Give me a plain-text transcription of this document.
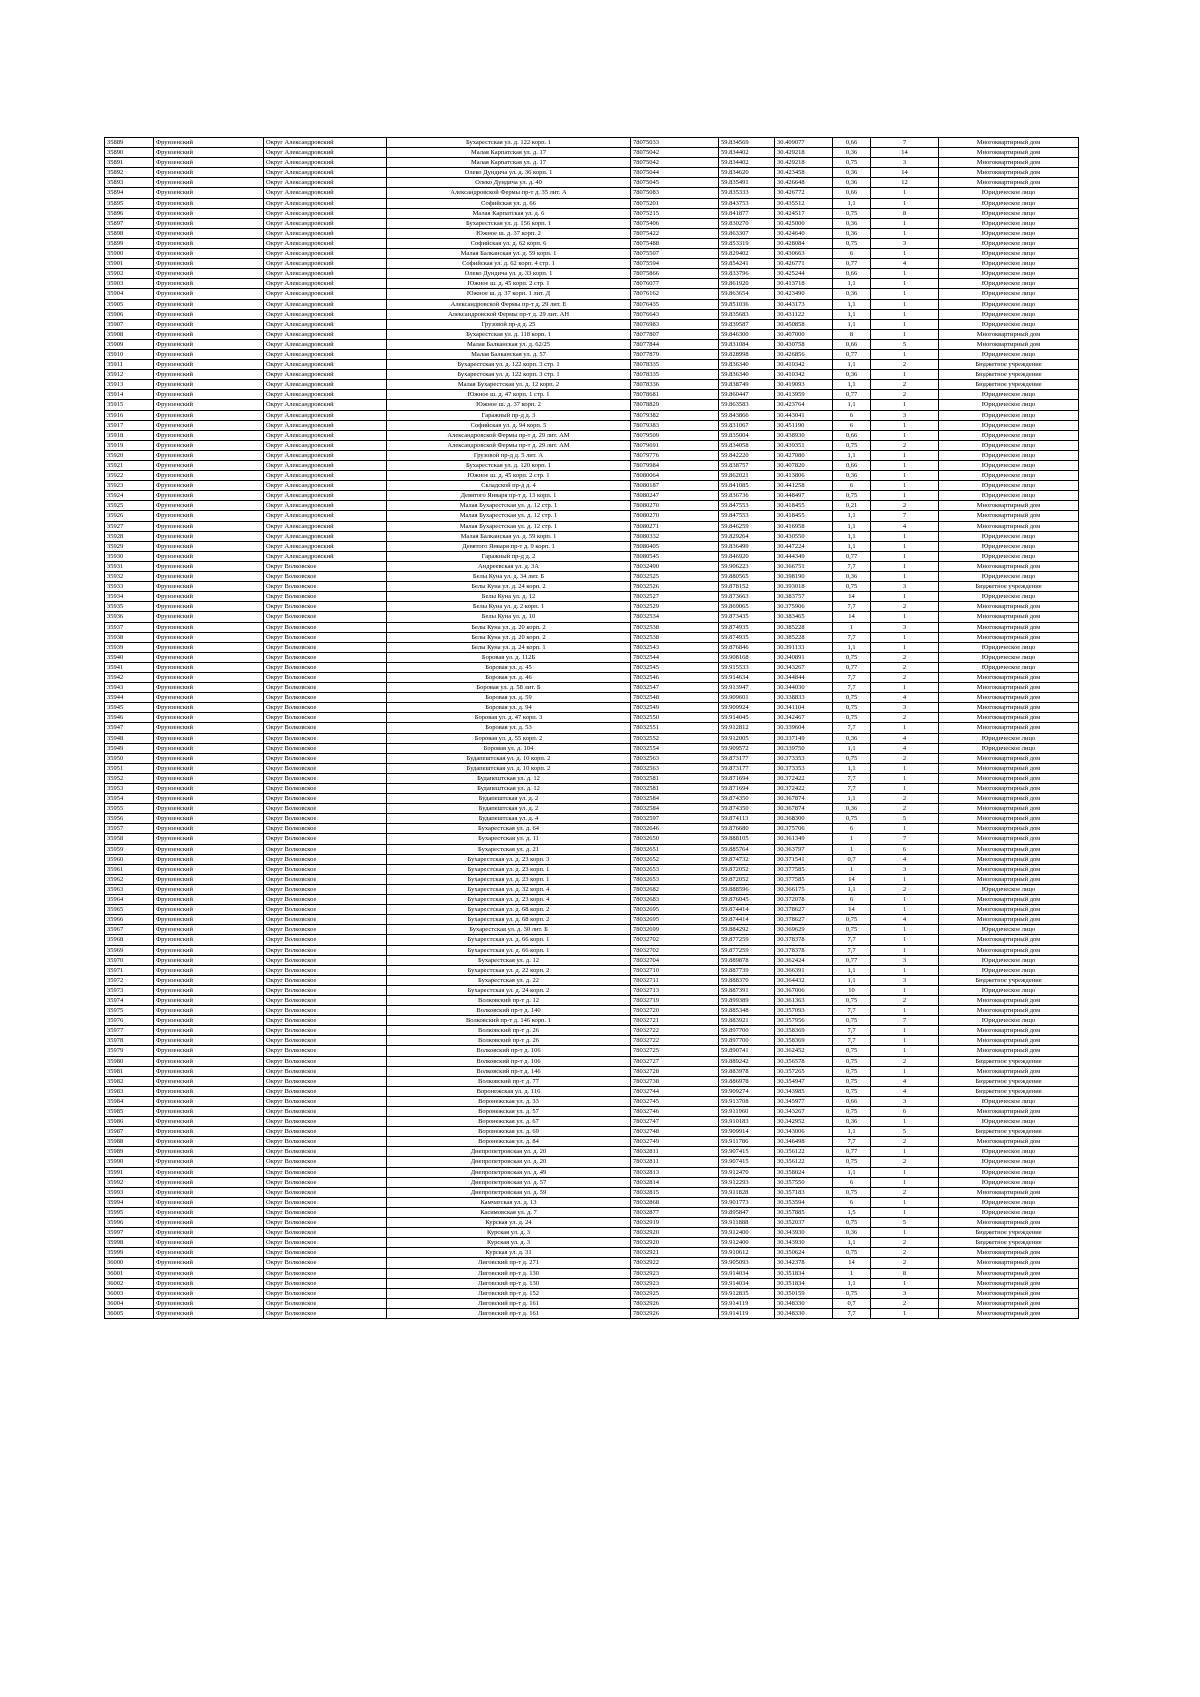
35889	Фрунзенский	Округ Александровский	Бухарестская ул. д. 122 корп. 1	78075033	59.834569	30.409077	0,66	7	Многоквартирный дом
35890	Фрунзенский	Округ Александровский	Малая Карпатская ул. д. 17	78075042	59.834402	30.429218	0,36	14	Многоквартирный дом
35891	Фрунзенский	Округ Александровский	Малая Карпатская ул. д. 17	78075042	59.834402	30.429218	0,75	3	Многоквартирный дом
35892	Фрунзенский	Округ Александровский	Олеко Дундича ул. д. 36 корп. 1	78075044	59.834620	30.423458	0,36	14	Многоквартирный дом
35893	Фрунзенский	Округ Александровский	Олеко Дундича ул. д. 40	78075045	59.835491	30.426648	0,36	12	Многоквартирный дом
35894	Фрунзенский	Округ Александровский	Александровской Фермы пр-т д. 35 лит. А	78075083	59.835333	30.426772	0,66	1	Юридическое лицо
35895	Фрунзенский	Округ Александровский	Софийская ул. д. 66	78075201	59.843753	30.435512	1,1	1	Юридическое лицо
35896	Фрунзенский	Округ Александровский	Малая Карпатская ул. д. 6	78075215	59.841877	30.424517	0,75	8	Юридическое лицо
35897	Фрунзенский	Округ Александровский	Бухарестская ул. д. 156 корп. 1	78075406	59.830270	30.425000	0,36	1	Юридическое лицо
35898	Фрунзенский	Округ Александровский	Южное ш. д. 37 корп. 2	78075422	59.863307	30.424640	0,36	1	Юридическое лицо
35899	Фрунзенский	Округ Александровский	Софийская ул. д. 62 корп. 6	78075488	59.853319	30.428084	0,75	3	Юридическое лицо
35900	Фрунзенский	Округ Александровский	Малая Балканская ул. д. 59 корп. 1	78075507	59.829402	30.430663	6	1	Юридическое лицо
35901	Фрунзенский	Округ Александровский	Софийская ул. д. 62 корп. 4 стр. 1	78075594	59.854241	30.426771	0,77	4	Юридическое лицо
35902	Фрунзенский	Округ Александровский	Олеко Дундича ул. д. 33 корп. 1	78075866	59.833796	30.425244	0,66	1	Юридическое лицо
35903	Фрунзенский	Округ Александровский	Южное ш. д. 45 корп. 2 стр. 1	78076077	59.861920	30.413718	1,1	1	Юридическое лицо
35904	Фрунзенский	Округ Александровский	Южное ш. д. 37 корп. 1 лит. Д	78076162	59.863654	30.423490	0,36	1	Юридическое лицо
35905	Фрунзенский	Округ Александровский	Александровской Фермы пр-т д. 29 лит. Е	78076435	59.851036	30.443173	1,1	1	Юридическое лицо
35906	Фрунзенский	Округ Александровский	Александровской Фермы пр-т д. 29 лит. АН	78076643	59.835683	30.431122	1,1	1	Юридическое лицо
35907	Фрунзенский	Округ Александровский	Грузовой пр-д д. 25	78076983	59.839587	30.450858	1,1	1	Юридическое лицо
35908	Фрунзенский	Округ Александровский	Бухарестская ул. д. 118 корп. 1	78077807	59.846300	30.407000	8	1	Многоквартирный дом
35909	Фрунзенский	Округ Александровский	Малая Балканская ул. д. 62/25	78077844	59.831084	30.430758	0,66	5	Многоквартирный дом
35910	Фрунзенский	Округ Александровский	Малая Балканская ул. д. 57	78077879	59.828998	30.426856	0,77	1	Юридическое лицо
35911	Фрунзенский	Округ Александровский	Бухарестская ул. д. 122 корп. 3 стр. 1	78078335	59.836340	30.410342	1,1	2	Бюджетное учреждение
35912	Фрунзенский	Округ Александровский	Бухарестская ул. д. 122 корп. 3 стр. 1	78078335	59.836340	30.410342	0,36	1	Бюджетное учреждение
35913	Фрунзенский	Округ Александровский	Малая Бухарестская ул. д. 12 корп. 2	78078336	59.838749	30.419093	1,1	2	Бюджетное учреждение
35914	Фрунзенский	Округ Александровский	Южное ш. д. 47 корп. 1 стр. 1	78078681	59.860447	30.413959	0,77	2	Юридическое лицо
35915	Фрунзенский	Округ Александровский	Южное ш. д. 37 корп. 2	78078829	59.863583	30.423764	1,1	1	Юридическое лицо
35916	Фрунзенский	Округ Александровский	Гаражный пр-д д. 3	78079382	59.843866	30.443041	6	3	Юридическое лицо
35917	Фрунзенский	Округ Александровский	Софийская ул. д. 94 корп. 5	78079383	59.831067	30.451190	6	1	Юридическое лицо
35918	Фрунзенский	Округ Александровский	Александровской Фермы пр-т д. 29 лит. АМ	78079509	59.835004	30.438930	0,66	1	Юридическое лицо
35919	Фрунзенский	Округ Александровский	Александровской Фермы пр-т д. 29 лит. АМ	78079691	59.834058	30.439351	0,75	2	Юридическое лицо
35920	Фрунзенский	Округ Александровский	Грузовой пр-д д. 5 лит. А	78079776	59.842220	30.427080	1,1	1	Юридическое лицо
35921	Фрунзенский	Округ Александровский	Бухарестская ул. д. 120 корп. 1	78079984	59.838757	30.407820	0,66	1	Юридическое лицо
35922	Фрунзенский	Округ Александровский	Южное ш. д. 45 корп. 2 стр. 1	78080064	59.862021	30.413806	0,36	1	Юридическое лицо
35923	Фрунзенский	Округ Александровский	Складской пр-д д. 4	78080187	59.841085	30.441258	6	1	Юридическое лицо
35924	Фрунзенский	Округ Александровский	Девятого Января пр-т д. 13 корп. 1	78080247	59.836736	30.448497	0,75	1	Юридическое лицо
35925	Фрунзенский	Округ Александровский	Малая Бухарестская ул. д. 12 стр. 1	78080270	59.847553	30.418455	0,21	2	Многоквартирный дом
35926	Фрунзенский	Округ Александровский	Малая Бухарестская ул. д. 12 стр. 1	78080270	59.847553	30.418455	1,1	7	Многоквартирный дом
35927	Фрунзенский	Округ Александровский	Малая Бухарестская ул. д. 12 стр. 1	78080271	59.846259	30.416958	1,1	4	Многоквартирный дом
35928	Фрунзенский	Округ Александровский	Малая Балканская ул. д. 59 корп. 1	78080332	59.829264	30.430550	1,1	1	Юридическое лицо
35929	Фрунзенский	Округ Александровский	Девятого Января пр-т д. 9 корп. 1	78080405	59.836499	30.447224	1,1	1	Юридическое лицо
35930	Фрунзенский	Округ Александровский	Гаражный пр-д д. 2	78080545	59.846920	30.444349	0,77	1	Юридическое лицо
35931	Фрунзенский	Округ Волковское	Андреевская ул. д. 3А	78032490	59.906223	30.366751	7,7	1	Многоквартирный дом
35932	Фрунзенский	Округ Волковское	Белы Куна ул. д. 34 лит. Б	78032525	59.880565	30.398190	0,36	1	Юридическое лицо
35933	Фрунзенский	Округ Волковское	Белы Куна ул. д. 24 корп. 2	78032526	59.878152	30.393018	0,75	3	Бюджетное учреждение
35934	Фрунзенский	Округ Волковское	Белы Куна ул. д. 12	78032527	59.873663	30.383757	14	1	Юридическое лицо
35935	Фрунзенский	Округ Волковское	Белы Куна ул. д. 2 корп. 1	78032529	59.869065	30.375906	7,7	2	Многоквартирный дом
35936	Фрунзенский	Округ Волковское	Белы Куна ул. д. 10	78032534	59.873435	30.383465	14	1	Многоквартирный дом
35937	Фрунзенский	Округ Волковское	Белы Куна ул. д. 20 корп. 2	78032538	59.874935	30.385228	1	3	Многоквартирный дом
35938	Фрунзенский	Округ Волковское	Белы Куна ул. д. 20 корп. 2	78032538	59.874935	30.385228	7,7	1	Многоквартирный дом
35939	Фрунзенский	Округ Волковское	Белы Куна ул. д. 24 корп. 1	78032543	59.876846	30.391133	1,1	1	Юридическое лицо
35940	Фрунзенский	Округ Волковское	Боровая ул. д. 112Б	78032544	59.908168	30.340891	0,75	2	Юридическое лицо
35941	Фрунзенский	Округ Волковское	Боровая ул. д. 45	78032545	59.915533	30.343267	0,77	2	Юридическое лицо
35942	Фрунзенский	Округ Волковское	Боровая ул. д. 46	78032546	59.914634	30.344844	7,7	2	Многоквартирный дом
35943	Фрунзенский	Округ Волковское	Боровая ул. д. 58 лит. Б	78032547	59.913947	30.344030	7,7	1	Многоквартирный дом
35944	Фрунзенский	Округ Волковское	Боровая ул. д. 59	78032548	59.909601	30.338833	0,75	4	Многоквартирный дом
35945	Фрунзенский	Округ Волковское	Боровая ул. д. 94	78032549	59.909924	30.341104	0,75	3	Многоквартирный дом
35946	Фрунзенский	Округ Волковское	Боровая ул. д. 47 корп. 3	78032550	59.914045	30.342467	0,75	2	Многоквартирный дом
35947	Фрунзенский	Округ Волковское	Боровая ул. д. 53	78032551	59.912812	30.339604	7,7	1	Многоквартирный дом
35948	Фрунзенский	Округ Волковское	Боровая ул. д. 55 корп. 2	78032552	59.912005	30.337149	0,36	4	Юридическое лицо
35949	Фрунзенский	Округ Волковское	Боровая ул. д. 104	78032554	59.909572	30.339750	1,1	4	Юридическое лицо
35950	Фрунзенский	Округ Волковское	Будапештская ул. д. 10 корп. 2	78032563	59.873177	30.373353	0,75	2	Многоквартирный дом
35951	Фрунзенский	Округ Волковское	Будапештская ул. д. 10 корп. 2	78032563	59.873177	30.373353	1,1	1	Многоквартирный дом
35952	Фрунзенский	Округ Волковское	Будапештская ул. д. 12	78032581	59.871694	30.372422	7,7	1	Многоквартирный дом
35953	Фрунзенский	Округ Волковское	Будапештская ул. д. 12	78032581	59.871694	30.372422	7,7	1	Многоквартирный дом
35954	Фрунзенский	Округ Волковское	Будапештская ул. д. 2	78032584	59.874350	30.367874	1,1	2	Многоквартирный дом
35955	Фрунзенский	Округ Волковское	Будапештская ул. д. 2	78032584	59.874350	30.367874	0,36	2	Многоквартирный дом
35956	Фрунзенский	Округ Волковское	Будапештская ул. д. 4	78032597	59.874113	30.368300	0,75	5	Многоквартирный дом
35957	Фрунзенский	Округ Волковское	Бухарестская ул. д. 64	78032646	59.876680	30.375706	6	1	Многоквартирный дом
35958	Фрунзенский	Округ Волковское	Бухарестская ул. д. 11	78032650	59.888105	30.361349	1	7	Многоквартирный дом
35959	Фрунзенский	Округ Волковское	Бухарестская ул. д. 21	78032651	59.885764	30.363797	1	6	Многоквартирный дом
35960	Фрунзенский	Округ Волковское	Бухарестская ул. д. 23 корп. 3	78032652	59.874732	30.371541	0,7	4	Многоквартирный дом
35961	Фрунзенский	Округ Волковское	Бухарестская ул. д. 23 корп. 1	78032653	59.872052	30.377585	1	3	Многоквартирный дом
35962	Фрунзенский	Округ Волковское	Бухарестская ул. д. 23 корп. 1	78032653	59.872052	30.377585	14	1	Многоквартирный дом
35963	Фрунзенский	Округ Волковское	Бухарестская ул. д. 32 корп. 4	78032682	59.888596	30.366175	1,1	2	Юридическое лицо
35964	Фрунзенский	Округ Волковское	Бухарестская ул. д. 23 корп. 4	78032683	59.876045	30.372078	6	1	Многоквартирный дом
35965	Фрунзенский	Округ Волковское	Бухарестская ул. д. 68 корп. 2	78032695	59.874414	30.378627	14	1	Многоквартирный дом
35966	Фрунзенский	Округ Волковское	Бухарестская ул. д. 68 корп. 2	78032695	59.874414	30.378627	0,75	4	Многоквартирный дом
35967	Фрунзенский	Округ Волковское	Бухарестская ул. д. 30 лит. Б	78032699	59.884292	30.369629	0,75	1	Юридическое лицо
35968	Фрунзенский	Округ Волковское	Бухарестская ул. д. 66 корп. 1	78032702	59.877259	30.378378	7,7	1	Многоквартирный дом
35969	Фрунзенский	Округ Волковское	Бухарестская ул. д. 66 корп. 1	78032702	59.877259	30.378378	7,7	1	Многоквартирный дом
35970	Фрунзенский	Округ Волковское	Бухарестская ул. д. 12	78032704	59.889878	30.362424	0,77	3	Юридическое лицо
35971	Фрунзенский	Округ Волковское	Бухарестская ул. д. 22 корп. 2	78032710	59.887739	30.366391	1,1	1	Юридическое лицо
35972	Фрунзенский	Округ Волковское	Бухарестская ул. д. 22	78032711	59.888370	30.364432	1,1	3	Бюджетное учреждение
35973	Фрунзенский	Округ Волковское	Бухарестская ул. д. 24 корп. 2	78032713	59.887391	30.367006	10	1	Юридическое лицо
35974	Фрунзенский	Округ Волковское	Волковский пр-т д. 12	78032719	59.899389	30.361363	0,75	2	Многоквартирный дом
35975	Фрунзенский	Округ Волковское	Волковский пр-т д. 140	78032720	59.885348	30.357093	7,7	1	Многоквартирный дом
35976	Фрунзенский	Округ Волковское	Волковский пр-т д. 146 корп. 1	78032721	59.883921	30.357956	0,75	7	Юридическое лицо
35977	Фрунзенский	Округ Волковское	Волковский пр-т д. 26	78032722	59.897700	30.358369	7,7	1	Многоквартирный дом
35978	Фрунзенский	Округ Волковское	Волковский пр-т д. 26	78032722	59.897700	30.358369	7,7	1	Многоквартирный дом
35979	Фрунзенский	Округ Волковское	Волковский пр-т д. 106	78032725	59.890741	30.362452	0,75	1	Многоквартирный дом
35980	Фрунзенский	Округ Волковское	Волковский пр-т д. 106	78032727	59.889242	30.356578	0,75	2	Бюджетное учреждение
35981	Фрунзенский	Округ Волковское	Волковский пр-т д. 146	78032728	59.883978	30.357265	0,75	1	Многоквартирный дом
35982	Фрунзенский	Округ Волковское	Волковский пр-т д. 77	78032738	59.886978	30.354947	0,75	4	Бюджетное учреждение
35983	Фрунзенский	Округ Волковское	Воронежская ул. д. 116	78032744	59.909274	30.343985	0,75	4	Бюджетное учреждение
35984	Фрунзенский	Округ Волковское	Воронежская ул. д. 33	78032745	59.913708	30.345977	0,66	3	Юридическое лицо
35985	Фрунзенский	Округ Волковское	Воронежская ул. д. 57	78032746	59.911960	30.343267	0,75	6	Многоквартирный дом
35986	Фрунзенский	Округ Волковское	Воронежская ул. д. 67	78032747	59.910183	30.342952	0,36	1	Юридическое лицо
35987	Фрунзенский	Округ Волковское	Воронежская ул. д. 69	78032748	59.909914	30.343006	1,1	5	Бюджетное учреждение
35988	Фрунзенский	Округ Волковское	Воронежская ул. д. 84	78032749	59.911786	30.346498	7,7	2	Многоквартирный дом
35989	Фрунзенский	Округ Волковское	Днепропетровская ул. д. 20	78032811	59.907415	30.356122	0,77	1	Юридическое лицо
35990	Фрунзенский	Округ Волковское	Днепропетровская ул. д. 20	78032811	59.907415	30.356122	0,75	2	Юридическое лицо
35991	Фрунзенский	Округ Волковское	Днепропетровская ул. д. 49	78032813	59.912470	30.358024	1,1	1	Юридическое лицо
35992	Фрунзенский	Округ Волковское	Днепропетровская ул. д. 57	78032814	59.912293	30.357550	6	1	Юридическое лицо
35993	Фрунзенский	Округ Волковское	Днепропетровская ул. д. 59	78032815	59.911828	30.357183	0,75	2	Многоквартирный дом
35994	Фрунзенский	Округ Волковское	Камчатская ул. д. 13	78032868	59.901773	30.353594	6	1	Юридическое лицо
35995	Фрунзенский	Округ Волковское	Касимовская ул. д. 7	78032877	59.895847	30.357885	1,5	1	Юридическое лицо
35996	Фрунзенский	Округ Волковское	Курская ул. д. 24	78032919	59.911888	30.352037	0,75	5	Многоквартирный дом
35997	Фрунзенский	Округ Волковское	Курская ул. д. 3	78032920	59.912400	30.343930	0,36	1	Бюджетное учреждение
35998	Фрунзенский	Округ Волковское	Курская ул. д. 3	78032920	59.912400	30.343930	1,1	2	Бюджетное учреждение
35999	Фрунзенский	Округ Волковское	Курская ул. д. 31	78032921	59.910612	30.350624	0,75	2	Многоквартирный дом
36000	Фрунзенский	Округ Волковское	Лиговский пр-т д. 271	78032922	59.905093	30.342378	14	2	Многоквартирный дом
36001	Фрунзенский	Округ Волковское	Лиговский пр-т д. 130	78032923	59.914034	30.351834	1	8	Многоквартирный дом
36002	Фрунзенский	Округ Волковское	Лиговский пр-т д. 130	78032923	59.914034	30.351834	1,1	1	Многоквартирный дом
36003	Фрунзенский	Округ Волковское	Лиговский пр-т д. 152	78032925	59.912835	30.350159	0,75	3	Многоквартирный дом
36004	Фрунзенский	Округ Волковское	Лиговский пр-т д. 161	78032926	59.914119	30.348330	0,7	2	Многоквартирный дом
36005	Фрунзенский	Округ Волковское	Лиговский пр-т д. 161	78032926	59.914119	30.348330	7,7	1	Многоквартирный дом
